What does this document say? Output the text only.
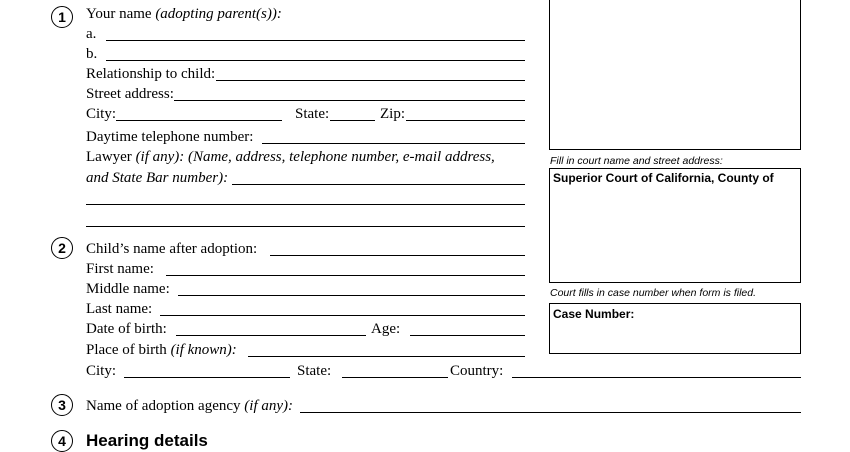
Fill in court name and street address:
Superior Court of California, County of
Court fills in case number when form is filed.
Case Number:
1	Your name (adopting parent(s)):
a.
b.
Relationship to child:
Street address:
City:	State:	Zip:
Daytime telephone number:
Lawyer (if any): (Name, address, telephone number, e-mail address,
and State Bar number):
2	Child’s name after adoption:
First name:
Middle name:
Last name:
Date of birth:	Age:
Place of birth (if known):
City:	State:	Country:
3	Name of adoption agency (if any):
4	Hearing details
